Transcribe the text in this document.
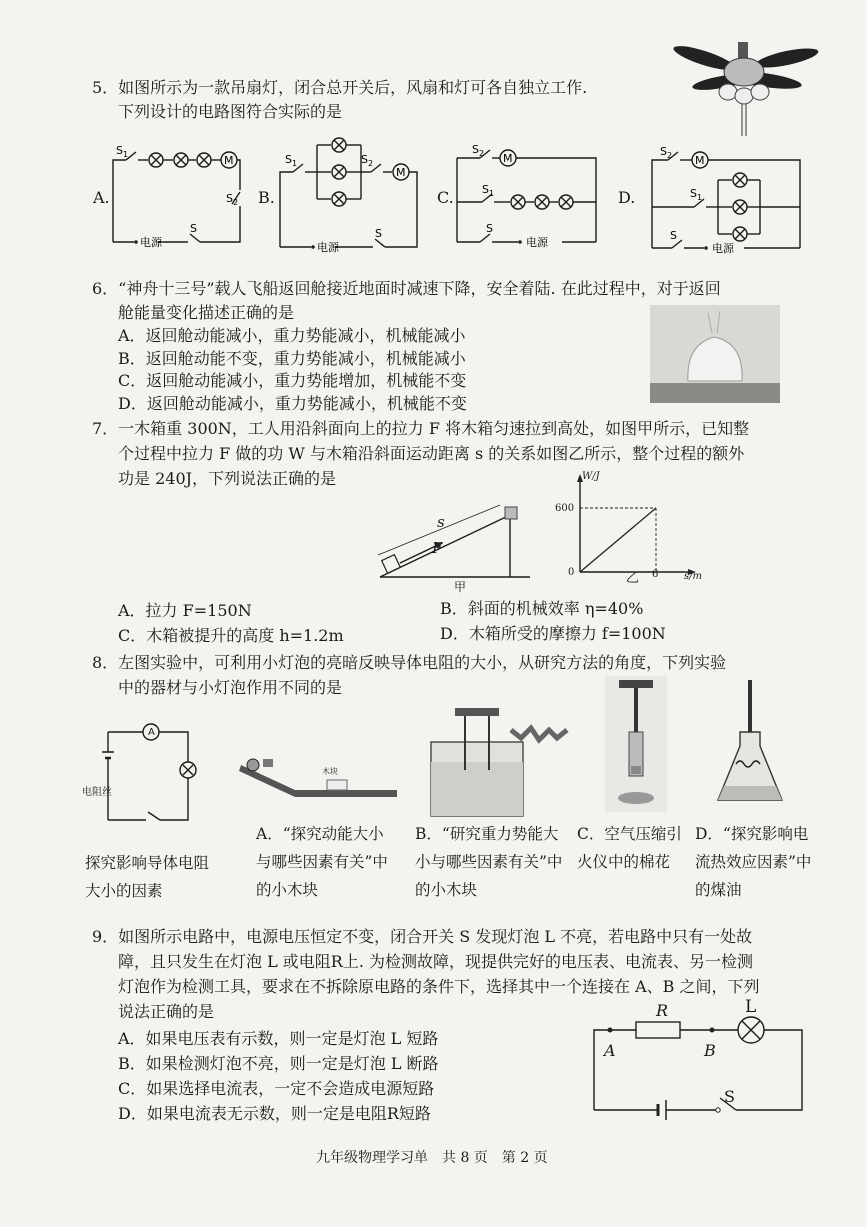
5．如图所示为一款吊扇灯，闭合总开关后，风扇和灯可各自独立工作.
下列设计的电路图符合实际的是
A.
M
S 1
S 2
S
电源
B.
M
S 1	S 2
S
电源
C.
M
S 2
S 1
S
电源
D.
M
S 2
S 1
S
电源
6．“神舟十三号”载人飞船返回舱接近地面时减速下降，安全着陆. 在此过程中，对于返回
舱能量变化描述正确的是
A．返回舱动能减小，重力势能减小，机械能减小
B．返回舱动能不变，重力势能减小，机械能减小
C．返回舱动能减小，重力势能增加，机械能不变
D．返回舱动能减小，重力势能减小，机械能不变
7．一木箱重 300N，工人用沿斜面向上的拉力 F 将木箱匀速拉到高处，如图甲所示，已知整
个过程中拉力 F 做的功 W 与木箱沿斜面运动距离 s 的关系如图乙所示，整个过程的额外
功是 240J，下列说法正确的是
s
F
甲
W/J
600
0	6	s/m
乙
A．拉力 F=150N	B．斜面的机械效率 η=40%
C．木箱被提升的高度 h=1.2m	D．木箱所受的摩擦力 f=100N
8．左图实验中，可利用小灯泡的亮暗反映导体电阻的大小，从研究方法的角度，下列实验
中的器材与小灯泡作用不同的是
A
电阻丝
木块
探究影响导体电阻大小的因素
A．“探究动能大小与哪些因素有关”中的小木块
B．“研究重力势能大小与哪些因素有关”中的小木块
C．空气压缩引火仪中的棉花
D．“探究影响电流热效应因素”中的煤油
9．如图所示电路中，电源电压恒定不变，闭合开关 S 发现灯泡 L 不亮，若电路中只有一处故
障，且只发生在灯泡 L 或电阻R上. 为检测故障，现提供完好的电压表、电流表、另一检测
灯泡作为检测工具，要求在不拆除原电路的条件下，选择其中一个连接在 A、B 之间，下列
说法正确的是
A．如果电压表有示数，则一定是灯泡 L 短路
B．如果检测灯泡不亮，则一定是灯泡 L 断路
C．如果选择电流表，一定不会造成电源短路
D．如果电流表无示数，则一定是电阻R短路
R	L
A	B
S
九年级物理学习单　共 8 页　第 2 页
